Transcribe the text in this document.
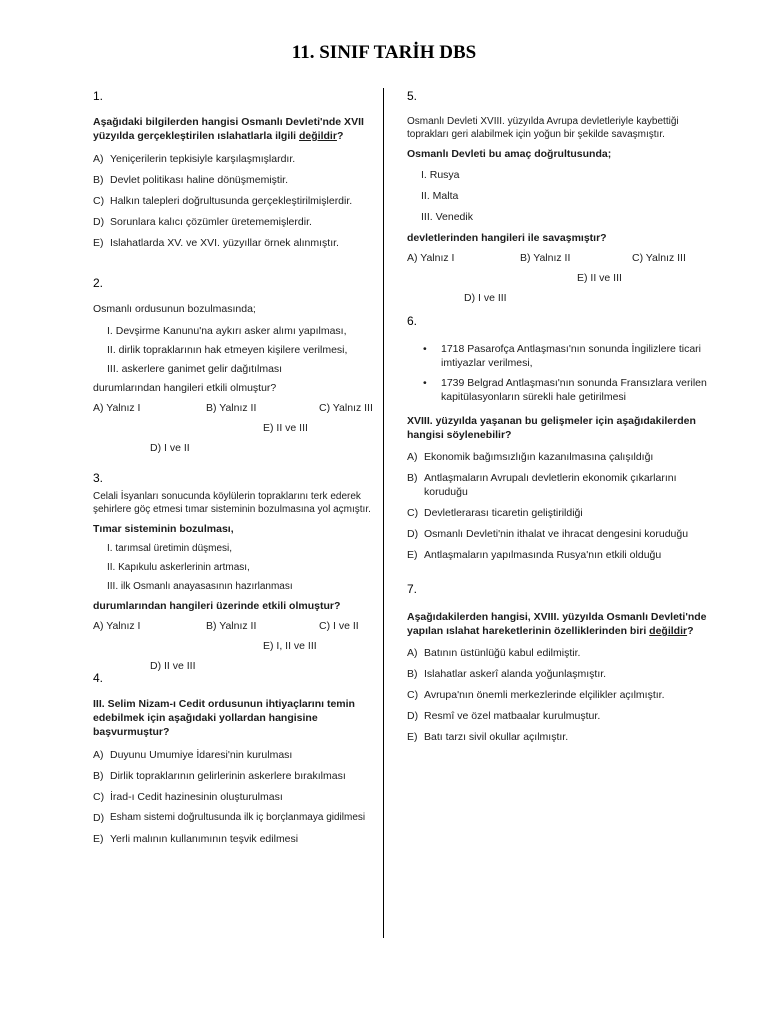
11. SINIF TARİH DBS
1.
Aşağıdaki bilgilerden hangisi Osmanlı Devleti'nde XVII yüzyılda gerçekleştirilen ıslahatlarla ilgili değildir?
A) Yeniçerilerin tepkisiyle karşılaşmışlardır.
B) Devlet politikası haline dönüşmemiştir.
C) Halkın talepleri doğrultusunda gerçekleştirilmişlerdir.
D) Sorunlara kalıcı çözümler üretememişlerdir.
E) Islahatlarda XV. ve XVI. yüzyıllar örnek alınmıştır.
2.
Osmanlı ordusunun bozulmasında;
I. Devşirme Kanunu'na aykırı asker alımı yapılması,
II. dirlik topraklarının hak etmeyen kişilere verilmesi,
III. askerlere ganimet gelir dağıtılması
durumlarından hangileri etkili olmuştur?
A) Yalnız I	B) Yalnız II	C) Yalnız III
D) I ve II
E) II ve III
3.
Celali İsyanları sonucunda köylülerin topraklarını terk ederek şehirlere göç etmesi tımar sisteminin bozulmasına yol açmıştır.
Tımar sisteminin bozulması,
I. tarımsal üretimin düşmesi,
II. Kapıkulu askerlerinin artması,
III. ilk Osmanlı anayasasının hazırlanması
durumlarından hangileri üzerinde etkili olmuştur?
A) Yalnız I	B) Yalnız II	C) I ve II
D) II ve III
E) I, II ve III
4.
III. Selim Nizam-ı Cedit ordusunun ihtiyaçlarını temin edebilmek için aşağıdaki yollardan hangisine başvurmuştur?
A) Duyunu Umumiye İdaresi'nin kurulması
B) Dirlik topraklarının gelirlerinin askerlere bırakılması
C) İrad-ı Cedit hazinesinin oluşturulması
D) Esham sistemi doğrultusunda ilk iç borçlanmaya gidilmesi
E) Yerli malının kullanımının teşvik edilmesi
5.
Osmanlı Devleti XVIII. yüzyılda Avrupa devletleriyle kaybettiği toprakları geri alabilmek için yoğun bir şekilde savaşmıştır.
Osmanlı Devleti bu amaç doğrultusunda;
I. Rusya
II. Malta
III. Venedik
devletlerinden hangileri ile savaşmıştır?
A) Yalnız I	B) Yalnız II	C) Yalnız III
D) I ve III
E) II ve III
6.
•	1718 Pasarofça Antlaşması'nın sonunda İngilizlere ticari imtiyazlar verilmesi,
•	1739 Belgrad Antlaşması'nın sonunda Fransızlara verilen kapitülasyonların sürekli hale getirilmesi
XVIII. yüzyılda yaşanan bu gelişmeler için aşağıdakilerden hangisi söylenebilir?
A) Ekonomik bağımsızlığın kazanılmasına çalışıldığı
B) Antlaşmaların Avrupalı devletlerin ekonomik çıkarlarını koruduğu
C) Devletlerarası ticaretin geliştirildiği
D) Osmanlı Devleti'nin ithalat ve ihracat dengesini koruduğu
E) Antlaşmaların yapılmasında Rusya'nın etkili olduğu
7.
Aşağıdakilerden hangisi, XVIII. yüzyılda Osmanlı Devleti'nde yapılan ıslahat hareketlerinin özelliklerinden biri değildir?
A) Batının üstünlüğü kabul edilmiştir.
B) Islahatlar askerî alanda yoğunlaşmıştır.
C) Avrupa'nın önemli merkezlerinde elçilikler açılmıştır.
D) Resmî ve özel matbaalar kurulmuştur.
E) Batı tarzı sivil okullar açılmıştır.
